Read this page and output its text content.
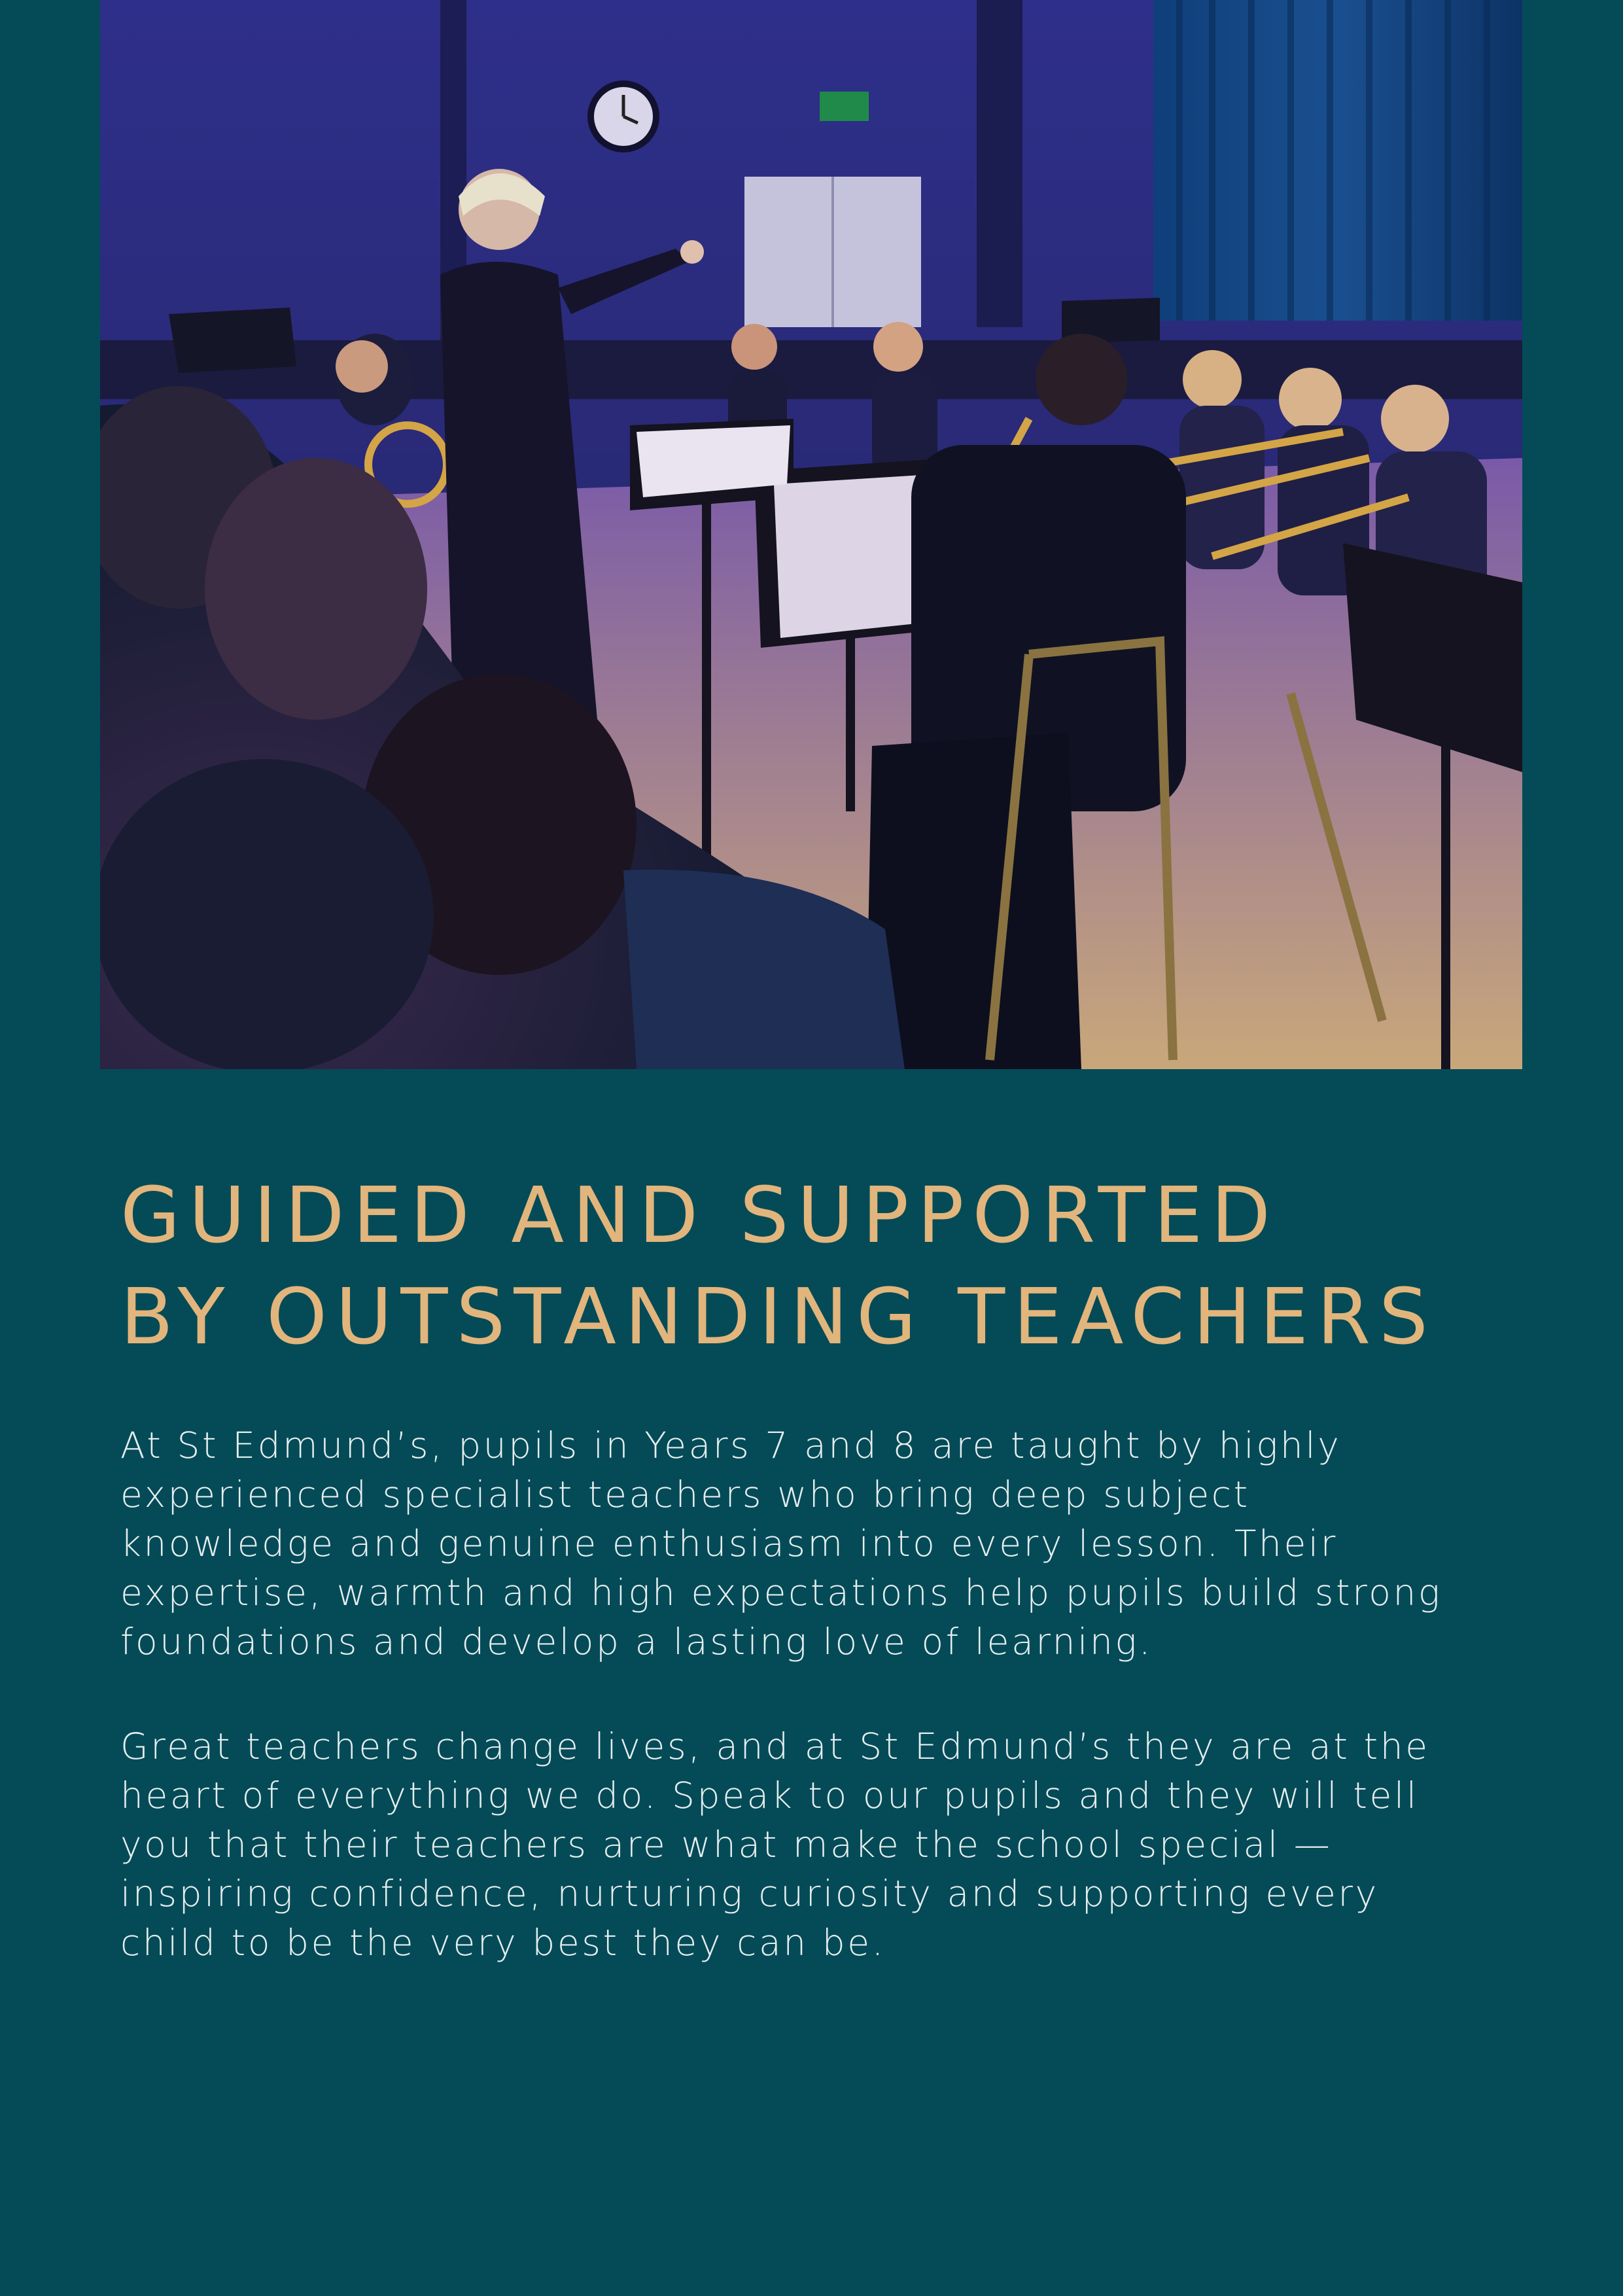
GUIDED AND SUPPORTED
BY OUTSTANDING TEACHERS

At St Edmund’s, pupils in Years 7 and 8 are taught by highly
experienced specialist teachers who bring deep subject
knowledge and genuine enthusiasm into every lesson. Their
expertise, warmth and high expectations help pupils build strong
foundations and develop a lasting love of learning.

Great teachers change lives, and at St Edmund’s they are at the
heart of everything we do. Speak to our pupils and they will tell
you that their teachers are what make the school special —
inspiring confidence, nurturing curiosity and supporting every
child to be the very best they can be.
